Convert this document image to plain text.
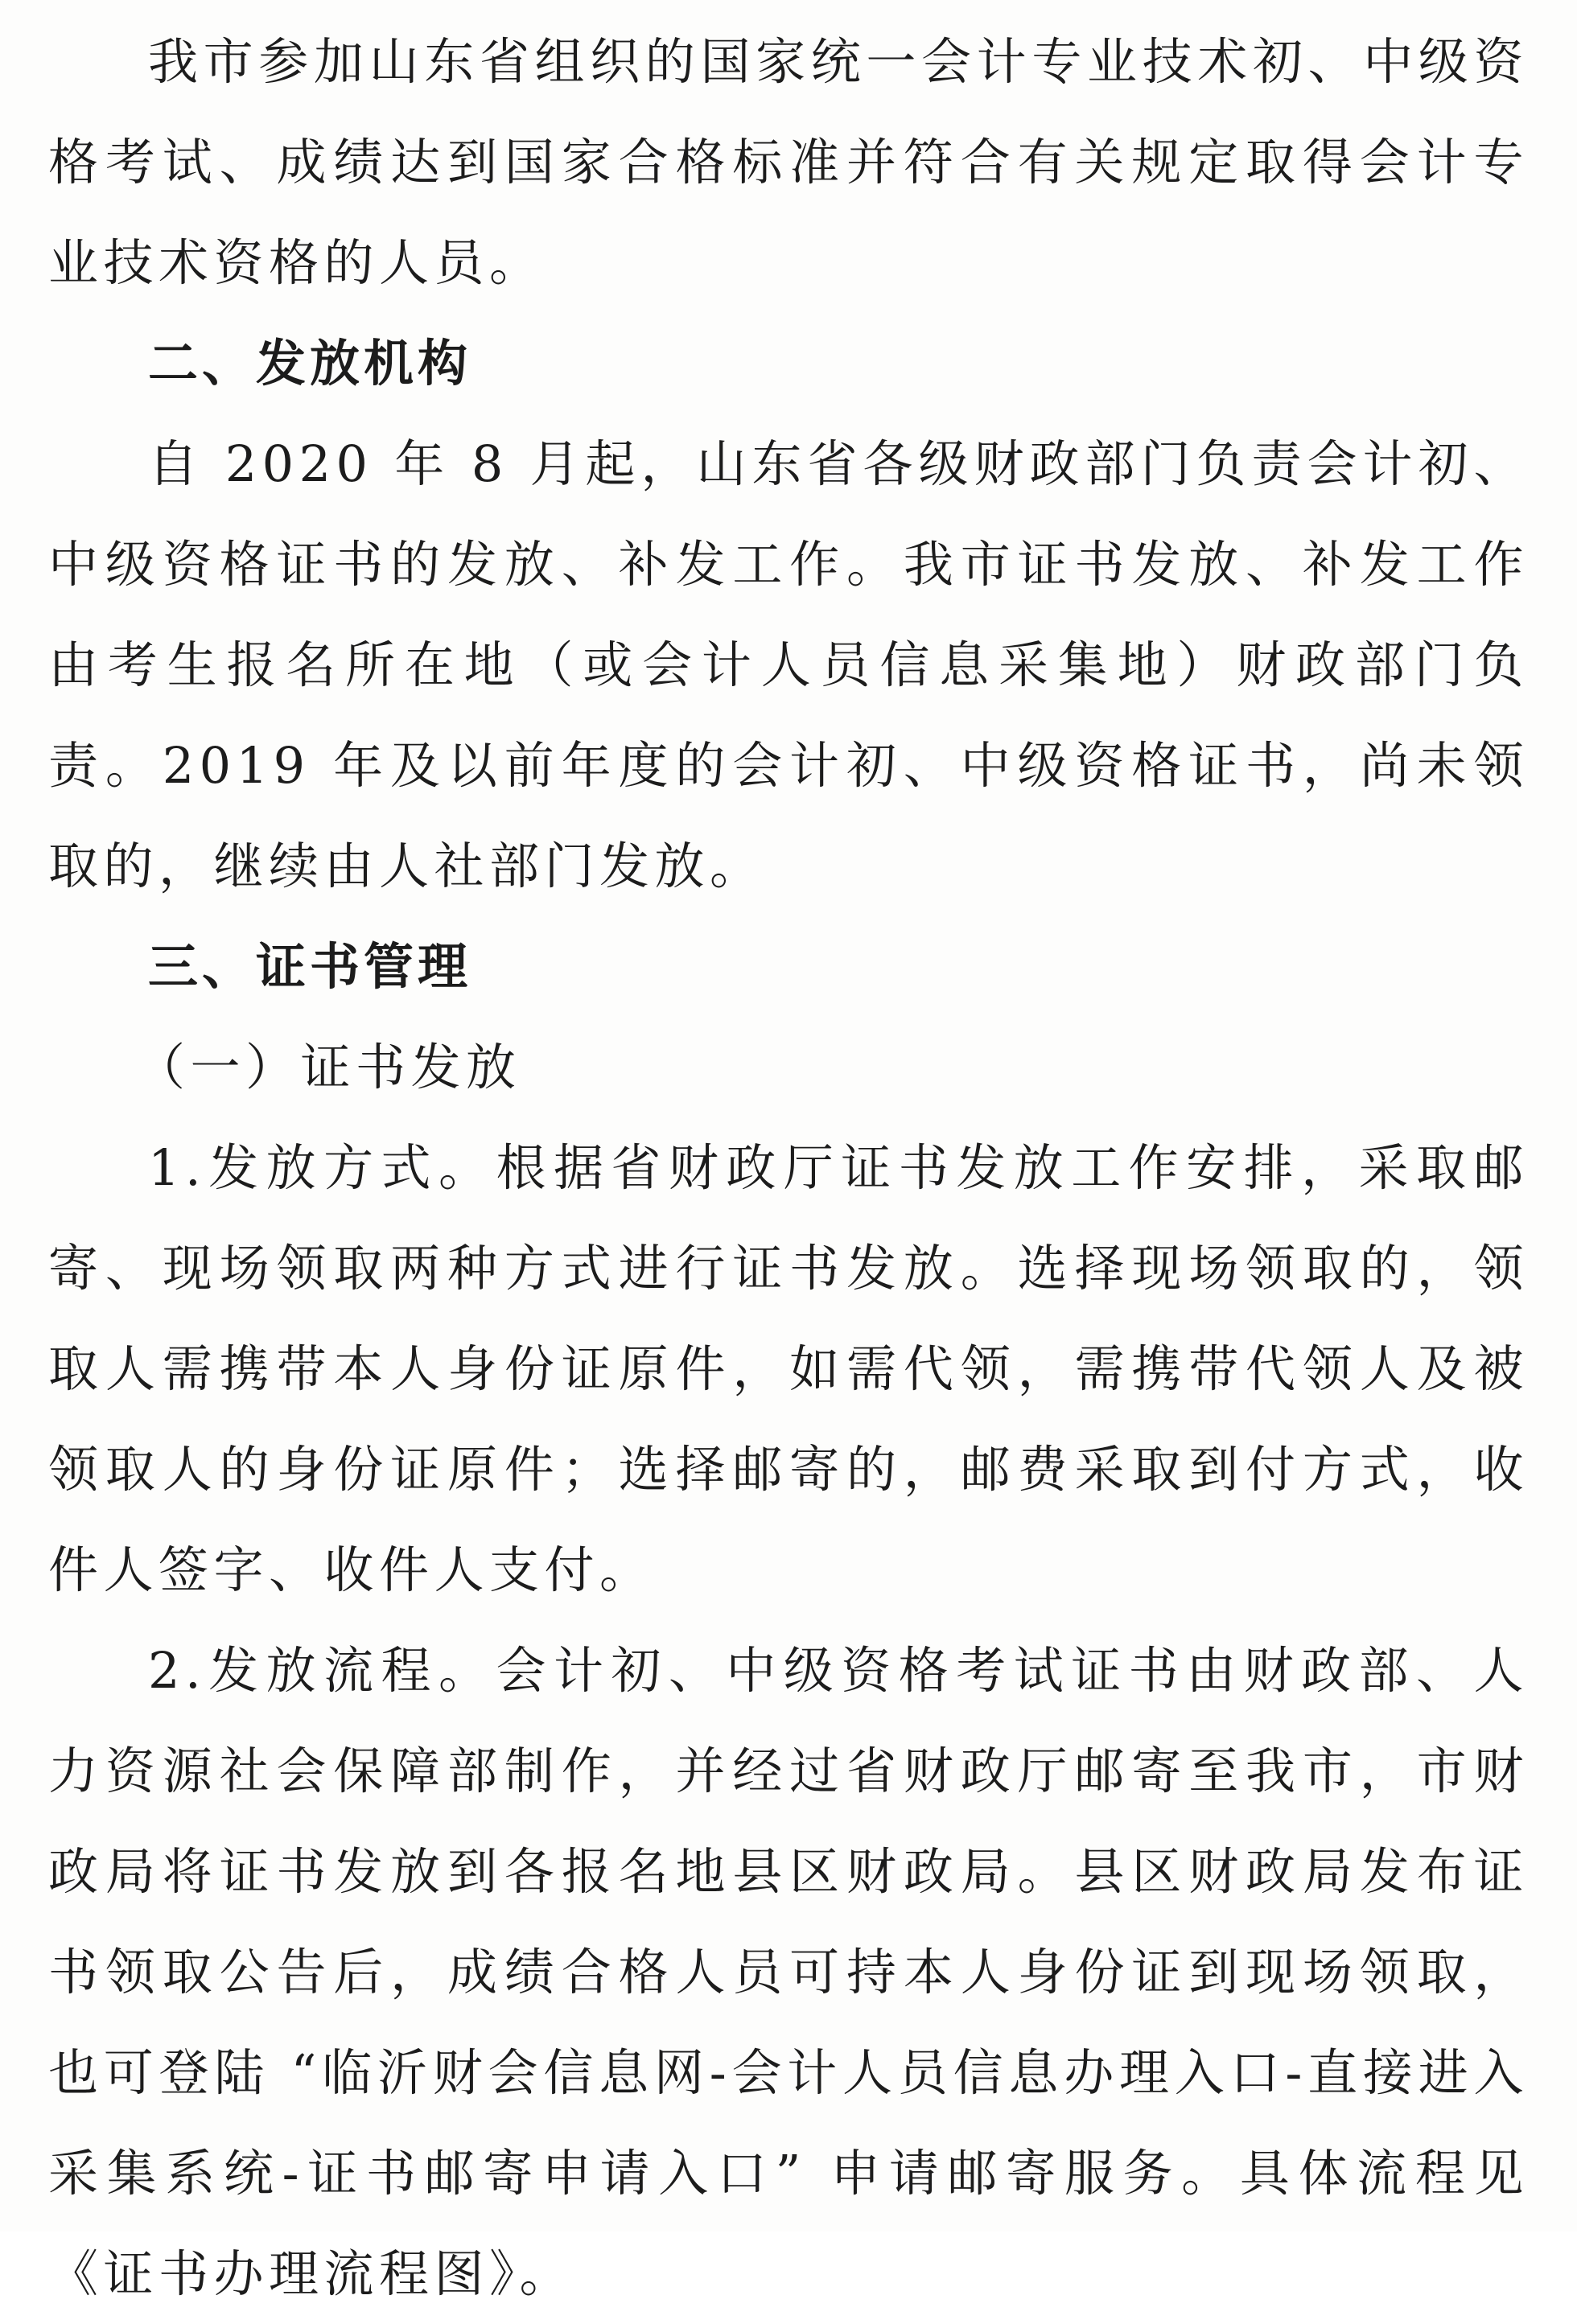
我市参加山东省组织的国家统一会计专业技术初、中级资格考试、成绩达到国家合格标准并符合有关规定取得会计专业技术资格的人员。

二、发放机构

自 2020 年 8 月起，山东省各级财政部门负责会计初、中级资格证书的发放、补发工作。我市证书发放、补发工作由考生报名所在地（或会计人员信息采集地）财政部门负责。2019 年及以前年度的会计初、中级资格证书，尚未领取的，继续由人社部门发放。

三、证书管理

（一）证书发放

1.发放方式。根据省财政厅证书发放工作安排，采取邮寄、现场领取两种方式进行证书发放。选择现场领取的，领取人需携带本人身份证原件，如需代领，需携带代领人及被领取人的身份证原件；选择邮寄的，邮费采取到付方式，收件人签字、收件人支付。

2.发放流程。会计初、中级资格考试证书由财政部、人力资源社会保障部制作，并经过省财政厅邮寄至我市，市财政局将证书发放到各报名地县区财政局。县区财政局发布证书领取公告后，成绩合格人员可持本人身份证到现场领取，也可登陆 “临沂财会信息网-会计人员信息办理入口-直接进入采集系统-证书邮寄申请入口” 申请邮寄服务。具体流程见《证书办理流程图》。
